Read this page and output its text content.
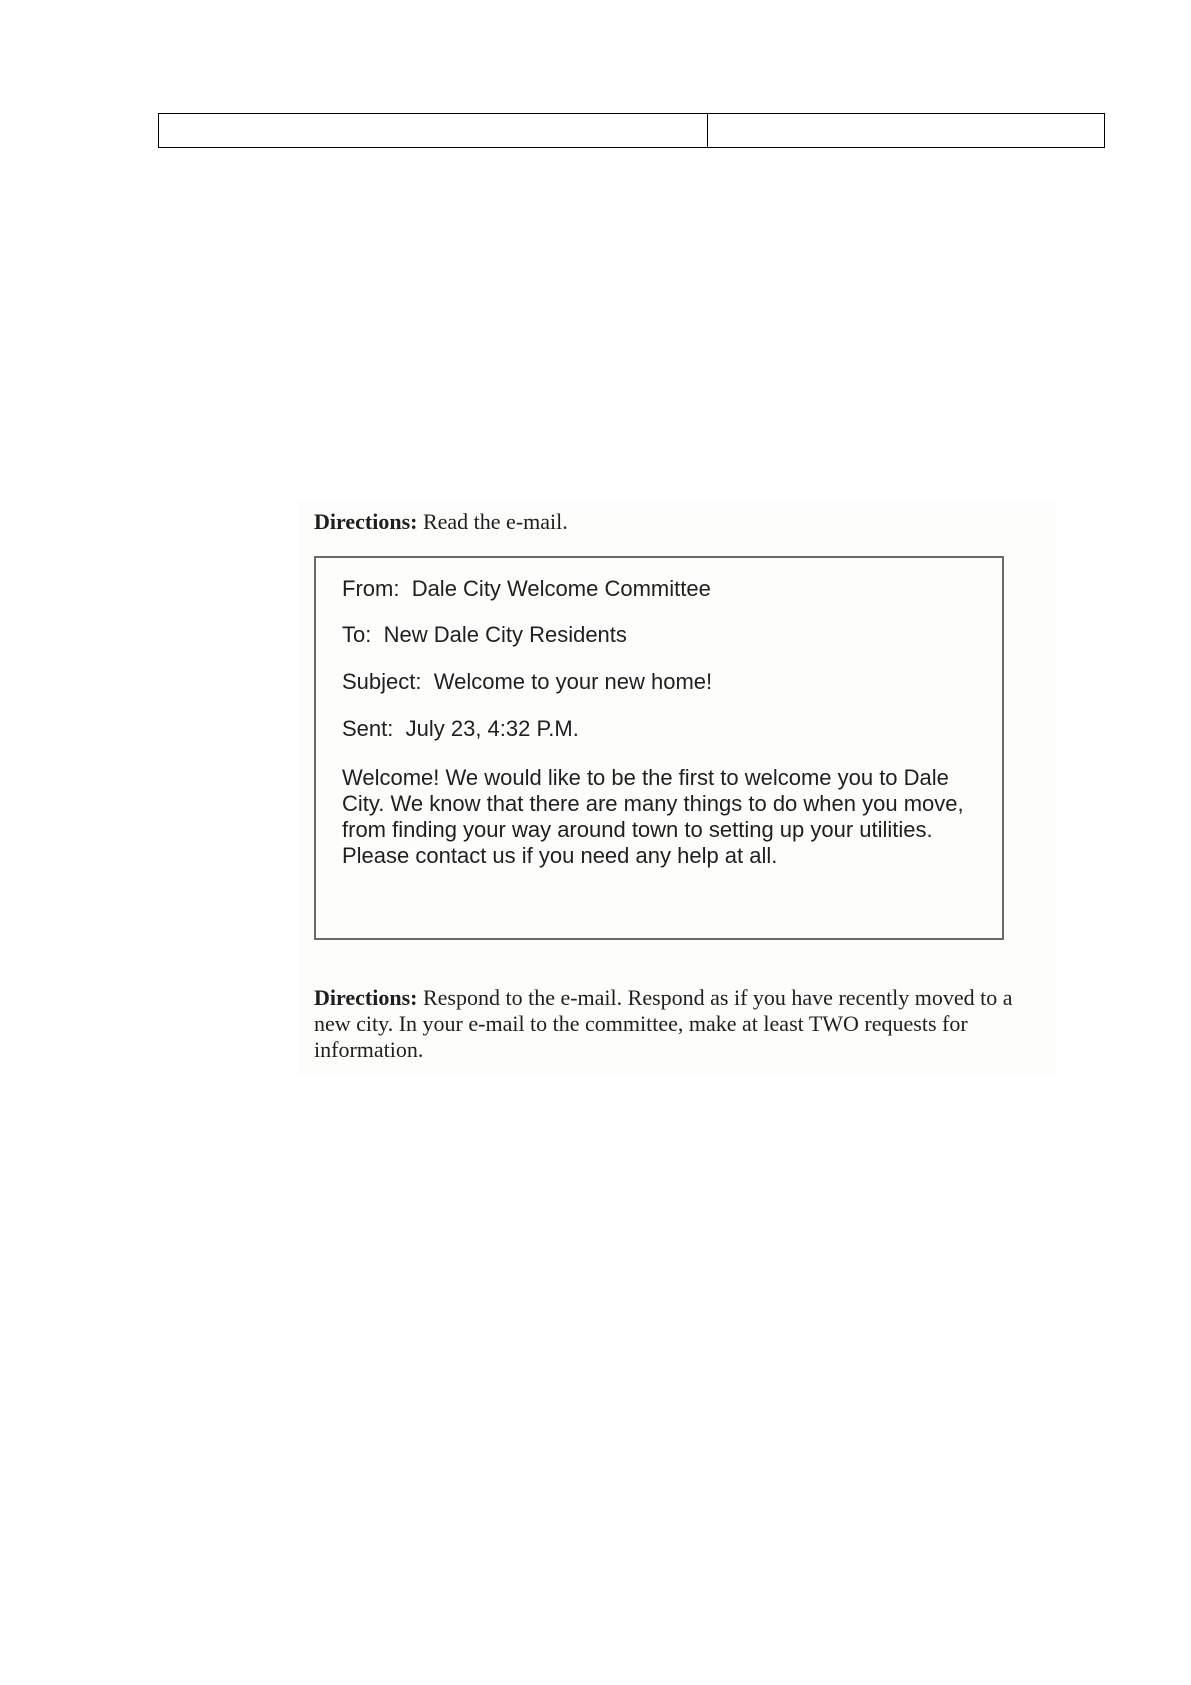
Directions: Read the e-mail.
From: Dale City Welcome Committee
To: New Dale City Residents
Subject: Welcome to your new home!
Sent: July 23, 4:32 P.M.
Welcome! We would like to be the first to welcome you to Dale City. We know that there are many things to do when you move, from finding your way around town to setting up your utilities. Please contact us if you need any help at all.
Directions: Respond to the e-mail. Respond as if you have recently moved to a new city. In your e-mail to the committee, make at least TWO requests for information.
